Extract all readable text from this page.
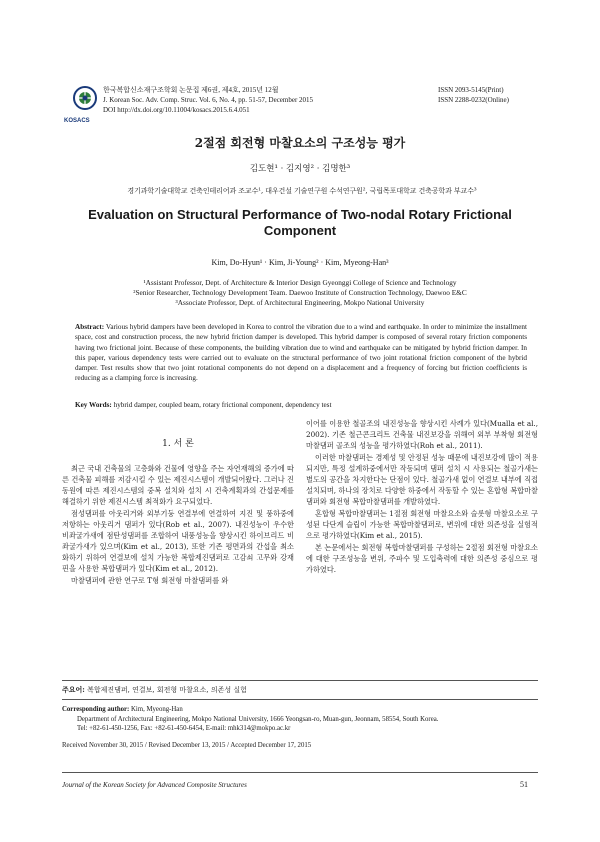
KOSACS
한국복합신소재구조학회 논문집 제6권, 제4호, 2015년 12월
J. Korean Soc. Adv. Comp. Struc. Vol. 6, No. 4, pp. 51-57, December 2015
DOI http://dx.doi.org/10.11004/kosacs.2015.6.4.051
ISSN 2093-5145(Print)
ISSN 2288-0232(Online)
2절점 회전형 마찰요소의 구조성능 평가
김도현¹ · 김지영² · 김명한³
경기과학기술대학교 건축인테리어과 조교수¹, 대우건설 기술연구원 수석연구원², 국립목포대학교 건축공학과 부교수³
Evaluation on Structural Performance of Two-nodal Rotary Frictional Component
Kim, Do-Hyun¹ · Kim, Ji-Young² · Kim, Myeong-Han³
¹Assistant Professor, Dept. of Architecture & Interior Design Gyeonggi College of Science and Technology
²Senior Researcher, Technology Development Team. Daewoo Institute of Construction Technology, Daewoo E&C
³Associate Professor, Dept. of Architectural Engineering, Mokpo National University
Abstract: Various hybrid dampers have been developed in Korea to control the vibration due to a wind and earthquake. In order to minimize the installment space, cost and construction process, the new hybrid friction damper is developed. This hybrid damper is composed of several rotary friction components having two frictional joint. Because of these components, the building vibration due to wind and earthquake can be mitigated by hybrid friction damper. In this paper, various dependency tests were carried out to evaluate on the structural performance of two joint rotational friction component of the hybrid damper. Test results show that two joint rotational components do not depend on a displacement and a frequency of forcing but friction coefficients is reducing as a clamping force is increasing.
Key Words: hybrid damper, coupled beam, rotary frictional component, dependency test
1. 서 론

최근 국내 건축물의 고층화와 건물에 영향을 주는 자연재해의 증가에 따른 건축물 피해를 저감시킬 수 있는 제진시스템이 개발되어왔다. 그러나 진동원에 따른 제진시스템의 중복 설치와 설치 시 건축계획과의 간섭문제를 해결하기 위한 제진시스템 최적화가 요구되었다.

점성댐퍼를 아웃리거와 외부기둥 연결부에 연결하여 지진 및 풍하중에 저항하는 아웃리거 댐퍼가 있다(Rob et al., 2007). 내진성능이 우수한 비좌굴가새에 점탄성댐퍼를 조합하여 내풍성능을 향상시킨 하이브리드 비좌굴가새가 있으며(Kim et al., 2013), 또한 기존 평면과의 간섭을 최소화하기 위하여 연결보에 설치 가능한 복합제진댐퍼로 고감쇠 고무와 강재핀을 사용한 복합댐퍼가 있다(Kim et al., 2012).

마찰댐퍼에 관한 연구로 T형 회전형 마찰댐퍼를 와

이어를 이용한 철골조의 내진성능을 향상시킨 사례가 있다(Mualla et al., 2002). 기존 철근콘크리트 건축물 내진보강을 위해여 외부 부착형 회전형 마찰댐퍼 골조의 성능을 평가하였다(Roh et al., 2011).

이러한 마찰댐퍼는 경제성 및 안정된 성능 때문에 내진보강에 많이 적용되지만, 특정 설계하중에서만 작동되며 댐퍼 설치 시 사용되는 철골가새는 별도의 공간을 차지한다는 단점이 있다. 철골가새 없이 연결보 내부에 직접 설치되며, 하나의 장치로 다양한 하중에서 작동할 수 있는 혼합형 복합마찰댐퍼와 회전형 복합마찰댐퍼를 개발하였다.

혼합형 복합마찰댐퍼는 1절점 회전형 마찰요소와 슬롯형 마찰요소로 구성된 다단계 슬립이 가능한 복합마찰댐퍼로, 변위에 대한 의존성을 실험적으로 평가하였다(Kim et al., 2015).

본 논문에서는 회전형 복합마찰댐퍼를 구성하는 2절점 회전형 마찰요소에 대한 구조성능을 변위, 주파수 및 도입축력에 대한 의존성 중심으로 평가하였다.

주요어: 복합제진댐퍼, 연결보, 회전형 마찰요소, 의존성 실험
Corresponding author: Kim, Myeong-Han
Department of Architectural Engineering, Mokpo National University, 1666 Yeongsan-ro, Muan-gun, Jeonnam, 58554, South Korea.
Tel: +82-61-450-1256, Fax: +82-61-450-6454, E-mail: mhk314@mokpo.ac.kr
Received November 30, 2015 / Revised December 13, 2015 / Accepted December 17, 2015
Journal of the Korean Society for Advanced Composite Structures	51
